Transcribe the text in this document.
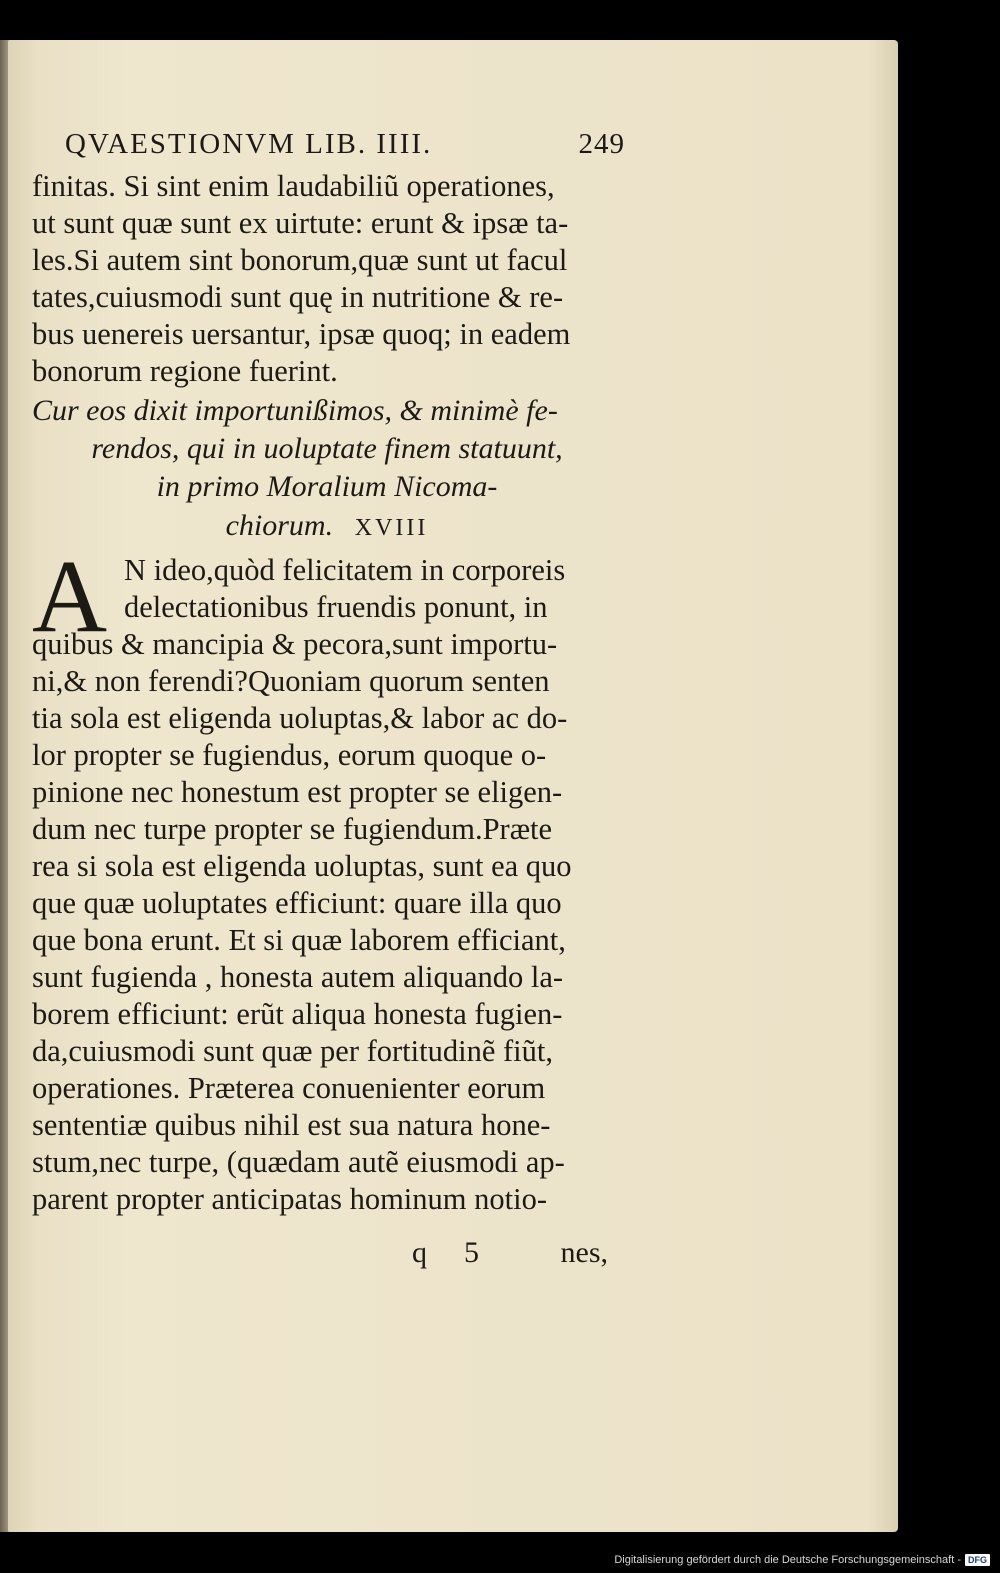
QVAESTIONVM LIB. IIII.	249
finitas. Si sint enim laudabiliũ operationes,
ut sunt quæ sunt ex uirtute: erunt & ipsæ ta-
les.Si autem sint bonorum,quæ sunt ut facul
tates,cuiusmodi sunt quę in nutritione & re-
bus uenereis uersantur, ipsæ quoq; in eadem
bonorum regione fuerint.
Cur eos dixit importunißimos, & minimè fe-
rendos, qui in uoluptate finem statuunt,
in primo Moralium Nicoma-
chiorum. XVIII
A N ideo,quòd felicitatem in corporeis
delectationibus fruendis ponunt, in
quibus & mancipia & pecora,sunt importu-
ni,& non ferendi?Quoniam quorum senten
tia sola est eligenda uoluptas,& labor ac do-
lor propter se fugiendus, eorum quoque o-
pinione nec honestum est propter se eligen-
dum nec turpe propter se fugiendum.Præte
rea si sola est eligenda uoluptas, sunt ea quo
que quæ uoluptates efficiunt: quare illa quo
que bona erunt. Et si quæ laborem efficiant,
sunt fugienda , honesta autem aliquando la-
borem efficiunt: erũt aliqua honesta fugien-
da,cuiusmodi sunt quæ per fortitudinẽ fiũt,
operationes. Præterea conuenienter eorum
sententiæ quibus nihil est sua natura hone-
stum,nec turpe, (quædam autẽ eiusmodi ap-
parent propter anticipatas hominum notio-
q 5	nes,
Digitalisierung gefördert durch die Deutsche Forschungsgemeinschaft - DFG
